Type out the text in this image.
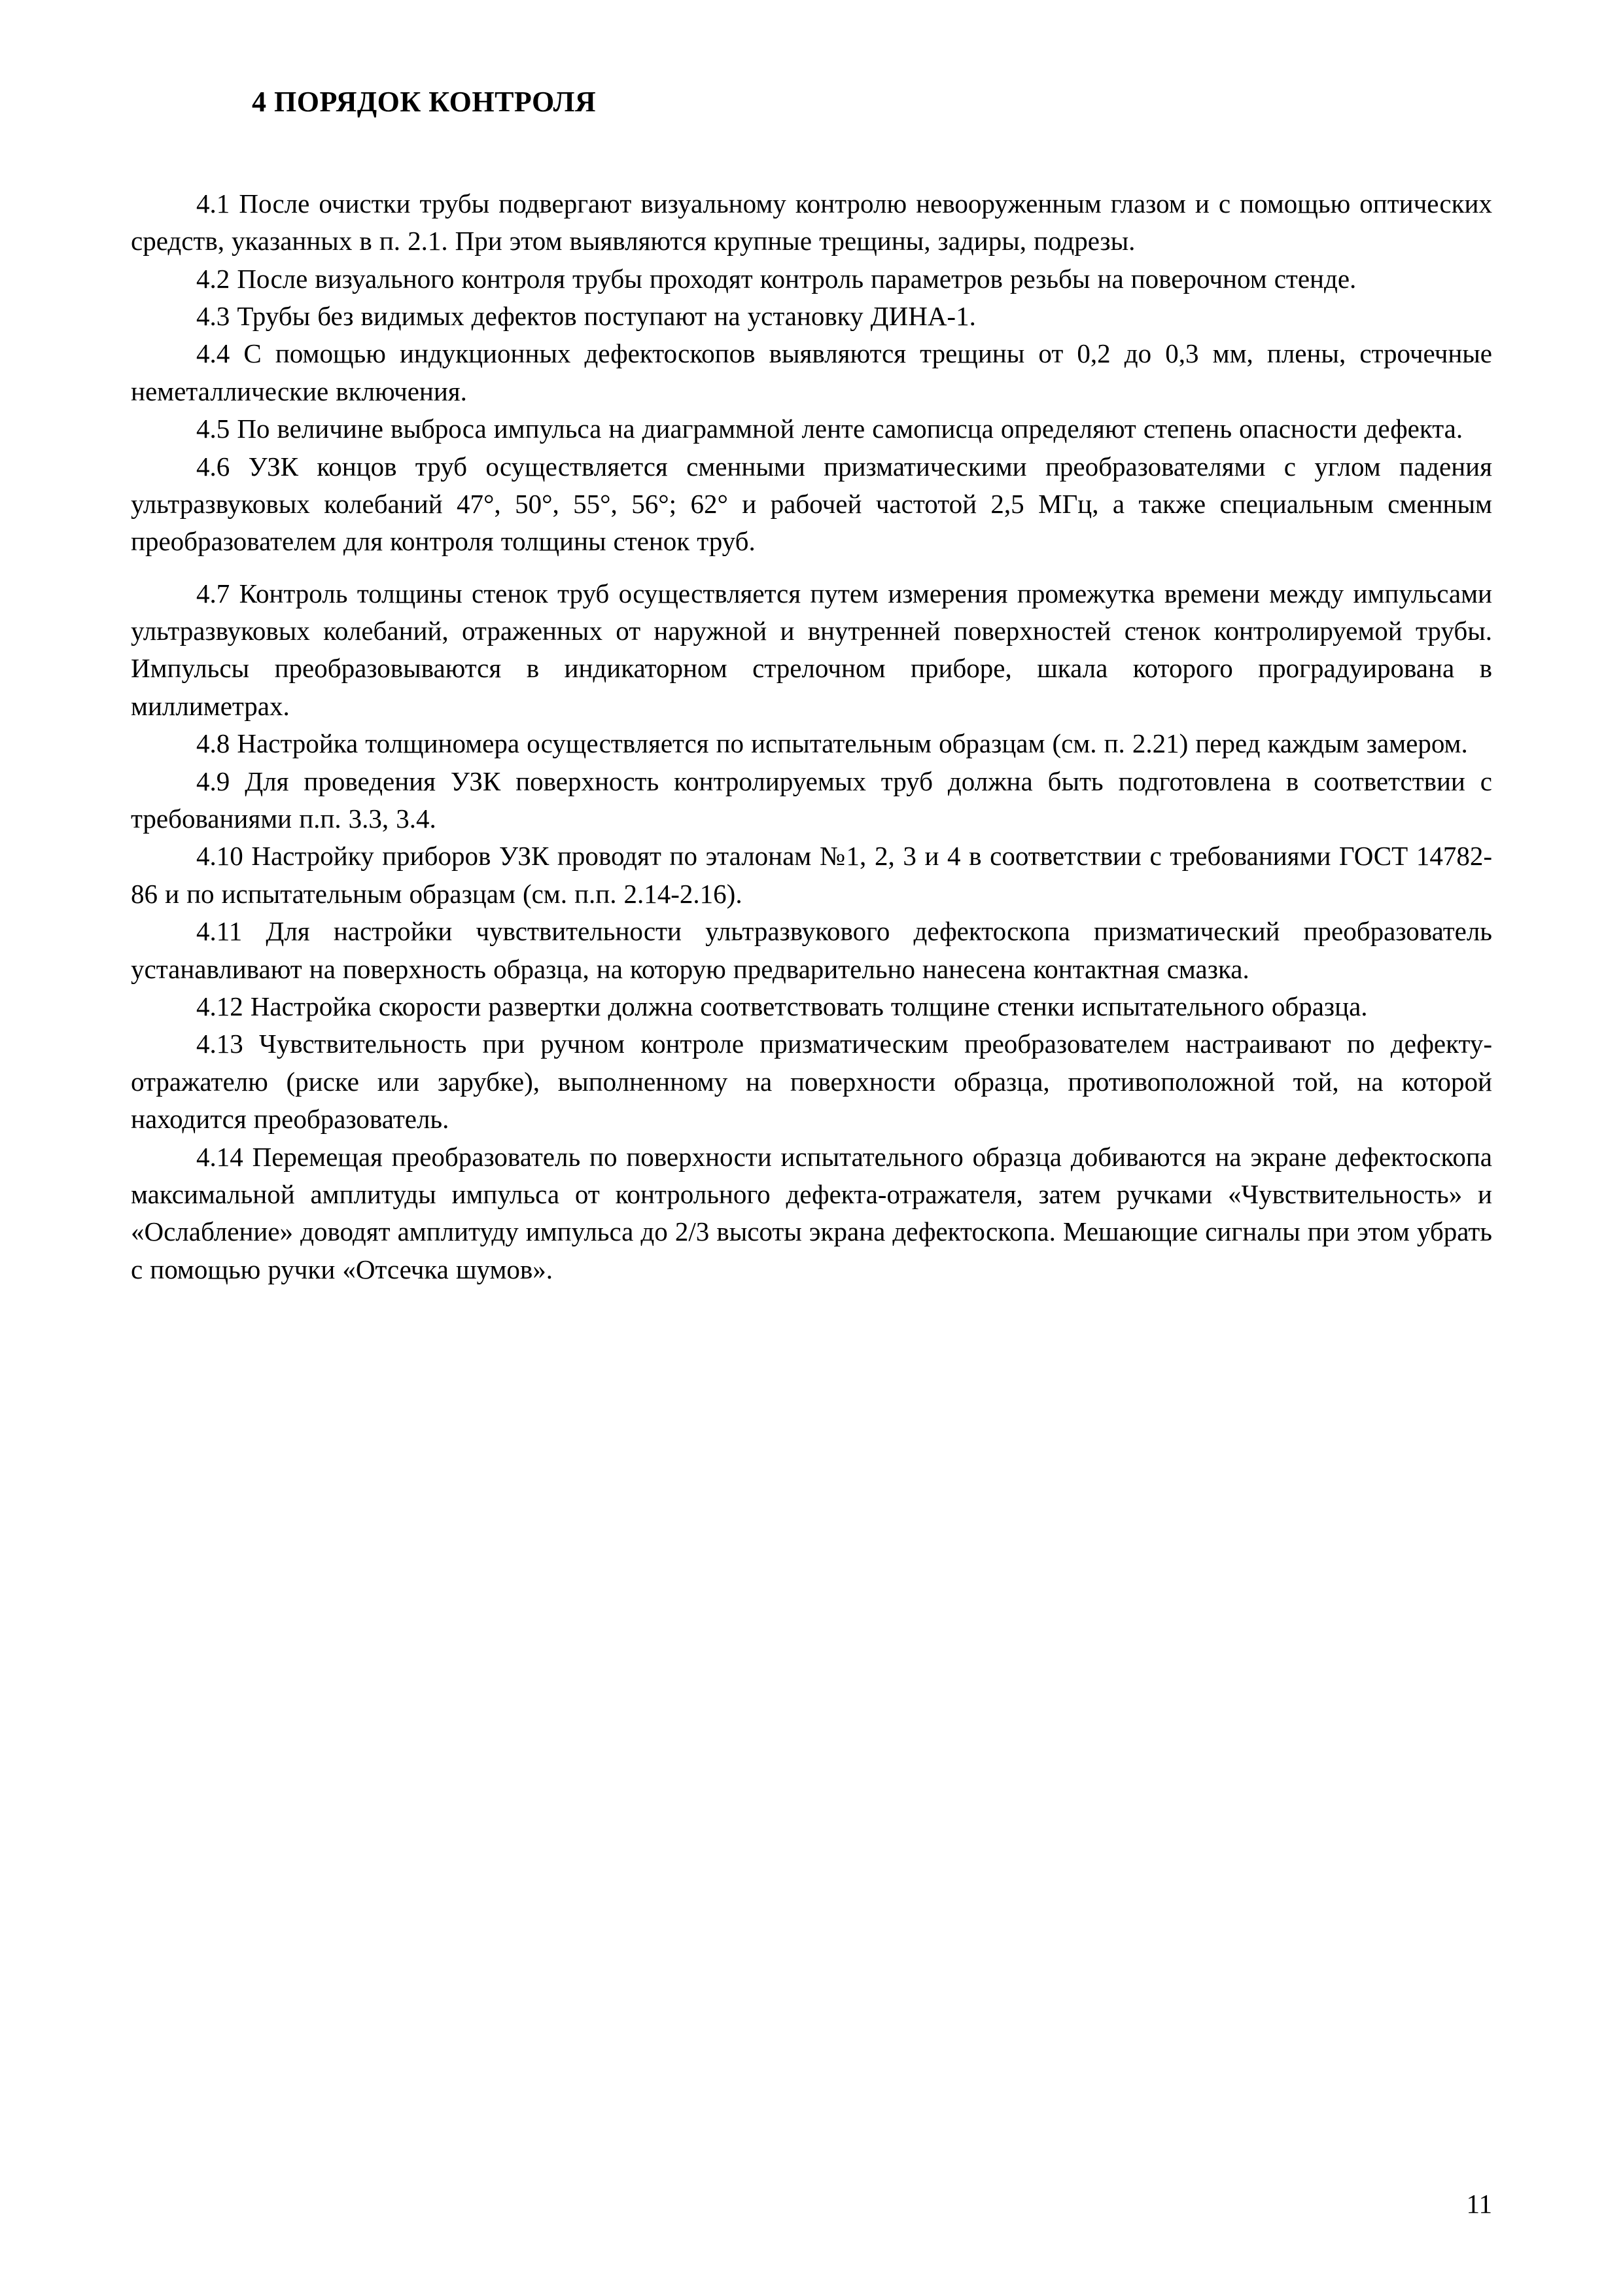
4 ПОРЯДОК КОНТРОЛЯ

4.1 После очистки трубы подвергают визуальному контролю невооруженным глазом и с помощью оптических средств, указанных в п. 2.1. При этом выявляются крупные трещины, задиры, подрезы.

4.2 После визуального контроля трубы проходят контроль параметров резьбы на поверочном стенде.

4.3 Трубы без видимых дефектов поступают на установку ДИНА-1.

4.4 С помощью индукционных дефектоскопов выявляются трещины от 0,2 до 0,3 мм, плены, строчечные неметаллические включения.

4.5 По величине выброса импульса на диаграммной ленте самописца определяют степень опасности дефекта.

4.6 УЗК концов труб осуществляется сменными призматическими преобразователями с углом падения ультразвуковых колебаний 47°, 50°, 55°, 56°; 62° и рабочей частотой 2,5 МГц, а также специальным сменным преобразователем для контроля толщины стенок труб.

4.7 Контроль толщины стенок труб осуществляется путем измерения промежутка времени между импульсами ультразвуковых колебаний, отраженных от наружной и внутренней поверхностей стенок контролируемой трубы. Импульсы преобразовываются в индикаторном стрелочном приборе, шкала которого проградуирована в миллиметрах.

4.8 Настройка толщиномера осуществляется по испытательным образцам (см. п. 2.21) перед каждым замером.

4.9 Для проведения УЗК поверхность контролируемых труб должна быть подготовлена в соответствии с требованиями п.п. 3.3, 3.4.

4.10 Настройку приборов УЗК проводят по эталонам №1, 2, 3 и 4 в соответствии с требованиями ГОСТ 14782-86 и по испытательным образцам (см. п.п. 2.14-2.16).

4.11 Для настройки чувствительности ультразвукового дефектоскопа призматический преобразователь устанавливают на поверхность образца, на которую предварительно нанесена контактная смазка.

4.12 Настройка скорости развертки должна соответствовать толщине стенки испытательного образца.

4.13 Чувствительность при ручном контроле призматическим преобразователем настраивают по дефекту-отражателю (риске или зарубке), выполненному на поверхности образца, противоположной той, на которой находится преобразователь.

4.14 Перемещая преобразователь по поверхности испытательного образца добиваются на экране дефектоскопа максимальной амплитуды импульса от контрольного дефекта-отражателя, затем ручками «Чувствительность» и «Ослабление» доводят амплитуду импульса до 2/3 высоты экрана дефектоскопа. Мешающие сигналы при этом убрать с помощью ручки «Отсечка шумов».

11
